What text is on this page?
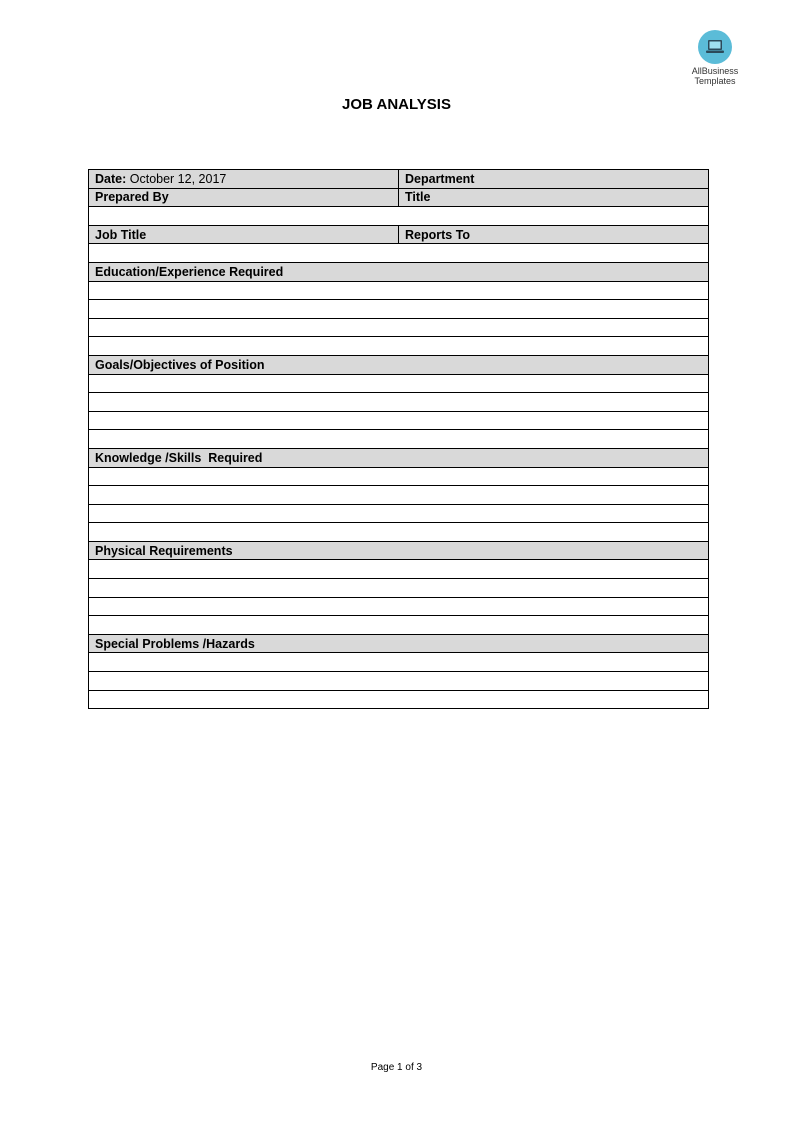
AllBusiness
Templates
JOB ANALYSIS
Date: October 12, 2017	Department
Prepared By	Title

Job Title	Reports To

Education/Experience Required	

Goals/Objectives of Position	

Knowledge /Skills  Required	

Physical Requirements	

Special Problems /Hazards	

Page 1 of 3
